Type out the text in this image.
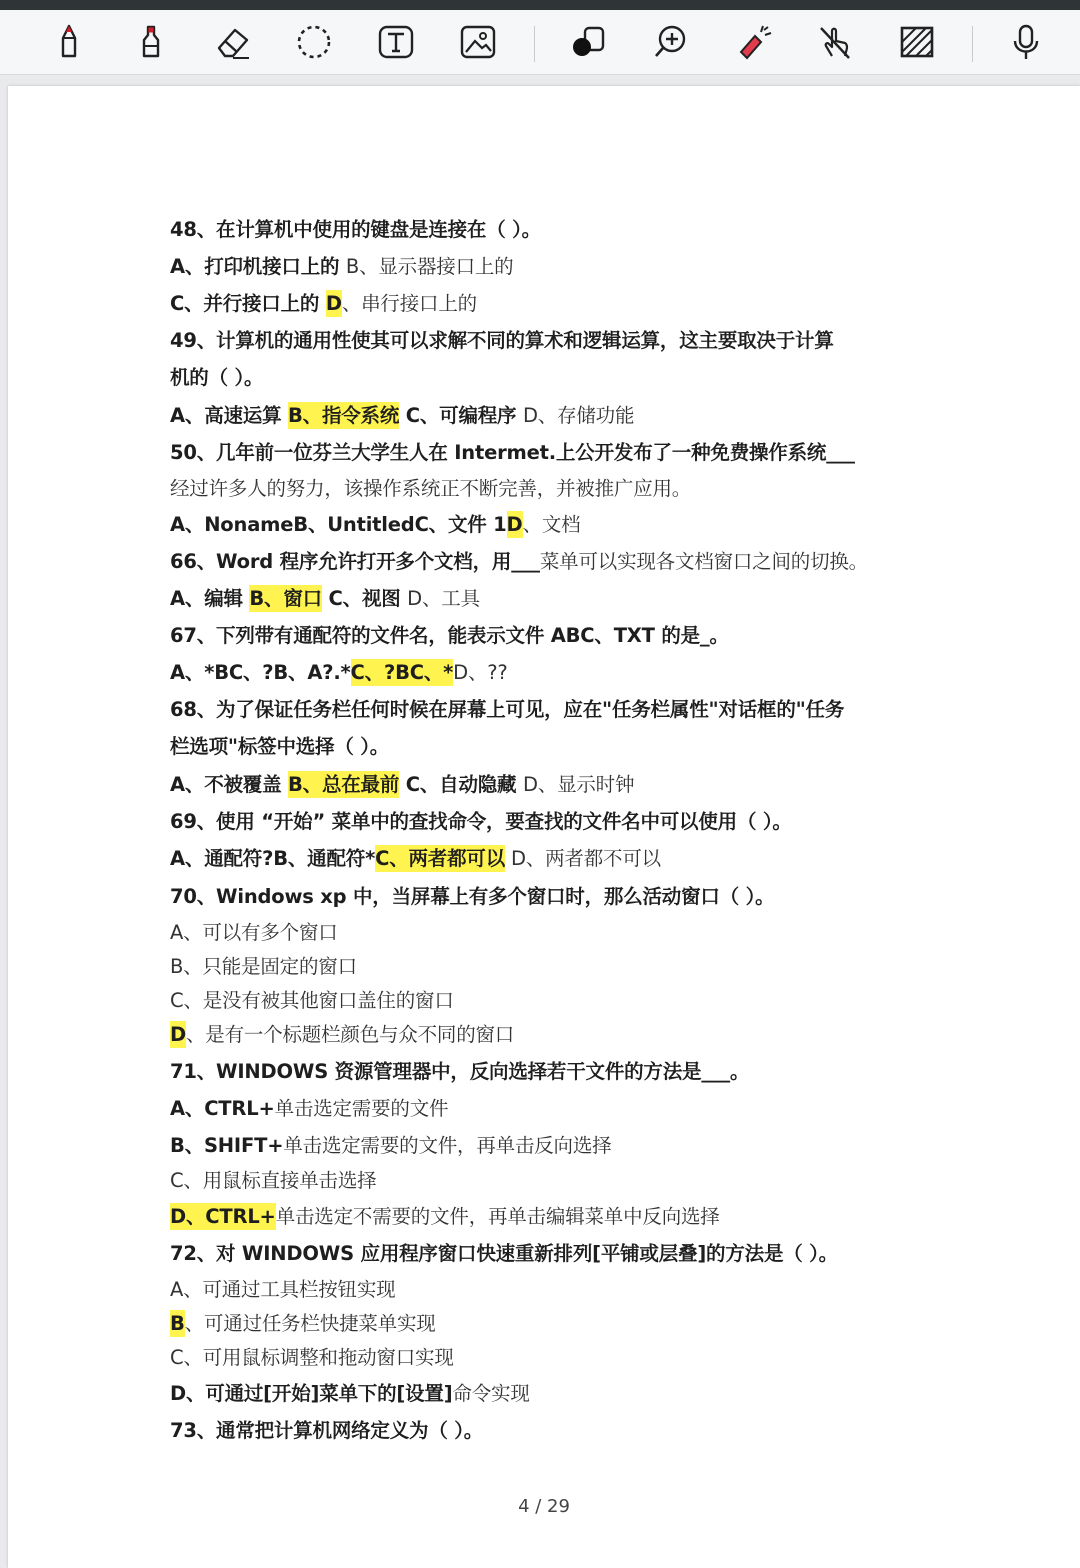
48、在计算机中使用的键盘是连接在（ ）。
A、打印机接口上的 B、显示器接口上的
C、并行接口上的 D、串行接口上的
49、计算机的通用性使其可以求解不同的算术和逻辑运算，这主要取决于计算
机的（ ）。
A、高速运算 B、指令系统 C、可编程序 D、存储功能
50、几年前一位芬兰大学生人在 Intermet.上公开发布了一种免费操作系统___
经过许多人的努力，该操作系统正不断完善，并被推广应用。
A、NonameB、UntitledC、文件 1D、文档
66、Word 程序允许打开多个文档，用___菜单可以实现各文档窗口之间的切换。
A、编辑 B、窗口 C、视图 D、工具
67、下列带有通配符的文件名，能表示文件 ABC、TXT 的是_。
A、*BC、?B、A?.*C、?BC、*D、??
68、为了保证任务栏任何时候在屏幕上可见，应在"任务栏属性"对话框的"任务
栏选项"标签中选择（ ）。
A、不被覆盖 B、总在最前 C、自动隐藏 D、显示时钟
69、使用 “开始” 菜单中的查找命令，要查找的文件名中可以使用（ ）。
A、通配符?B、通配符*C、两者都可以 D、两者都不可以
70、Windows xp 中，当屏幕上有多个窗口时，那么活动窗口（ ）。
A、可以有多个窗口
B、只能是固定的窗口
C、是没有被其他窗口盖住的窗口
D、是有一个标题栏颜色与众不同的窗口
71、WINDOWS 资源管理器中，反向选择若干文件的方法是___。
A、CTRL+单击选定需要的文件
B、SHIFT+单击选定需要的文件，再单击反向选择
C、用鼠标直接单击选择
D、CTRL+单击选定不需要的文件，再单击编辑菜单中反向选择
72、对 WINDOWS 应用程序窗口快速重新排列[平铺或层叠]的方法是（ ）。
A、可通过工具栏按钮实现
B、可通过任务栏快捷菜单实现
C、可用鼠标调整和拖动窗口实现
D、可通过[开始]菜单下的[设置]命令实现
73、通常把计算机网络定义为（ ）。
4 / 29
